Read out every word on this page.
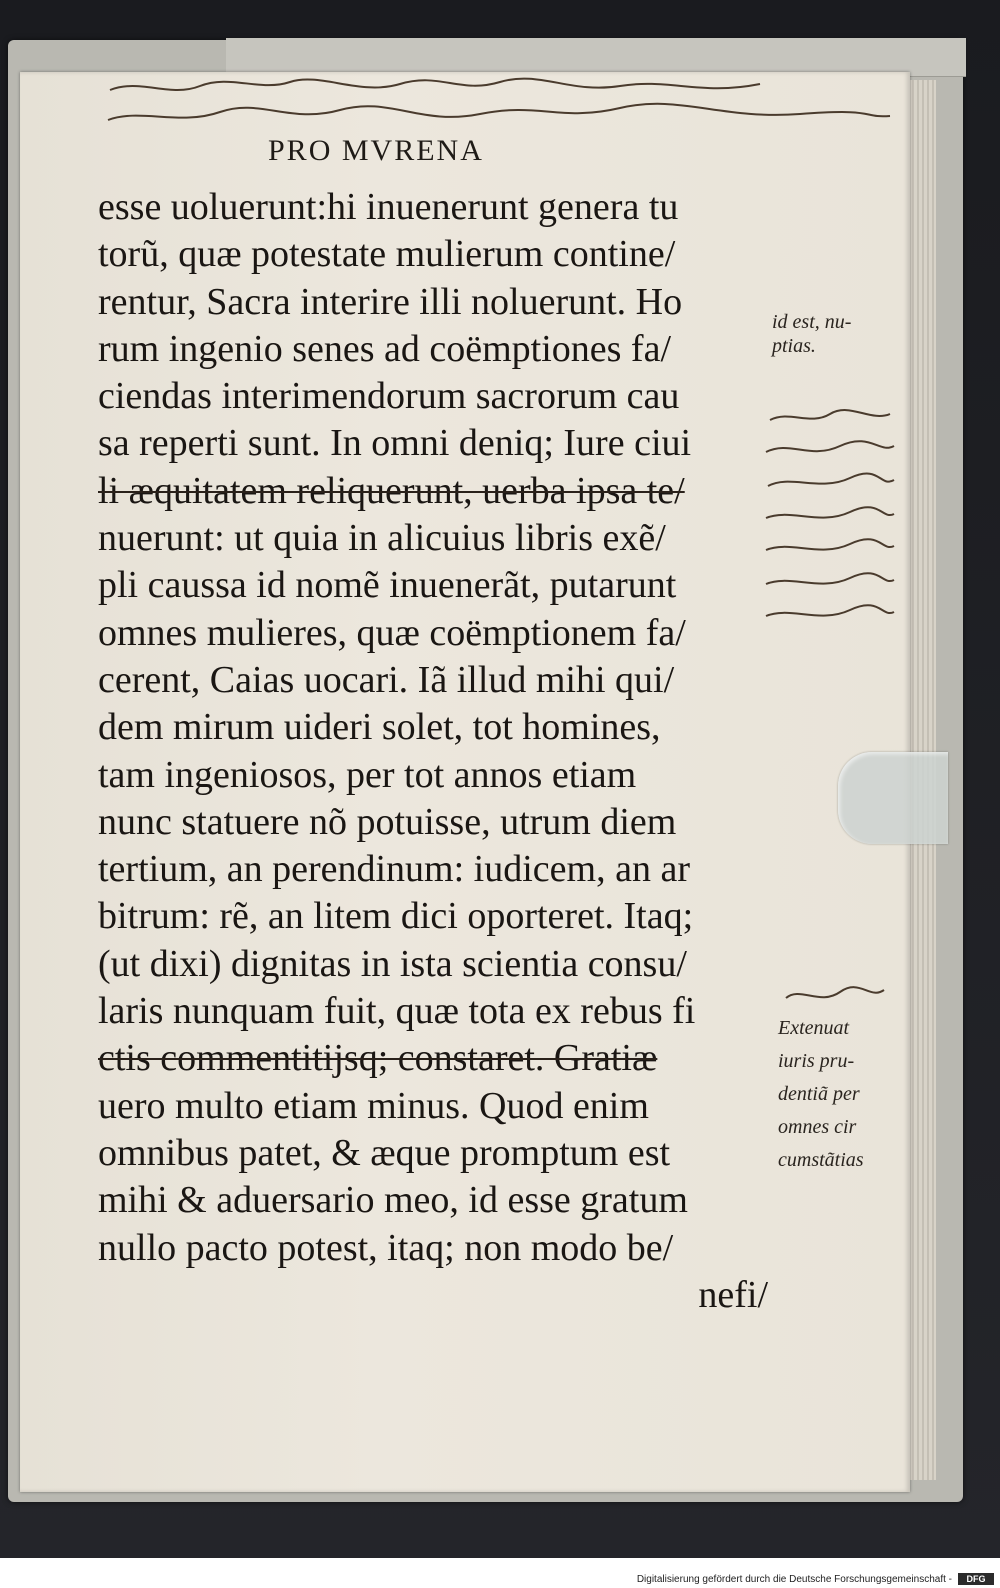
PRO MVRENA
esse uoluerunt:hi inuenerunt genera tu
torũ, quæ potestate mulierum contine/
rentur, Sacra interire illi noluerunt. Ho
rum ingenio senes ad coëmptiones fa/
ciendas interimendorum sacrorum cau
sa reperti sunt. In omni deniq; Iure ciui
li æquitatem reliquerunt, uerba ipsa te/
nuerunt: ut quia in alicuius libris exẽ/
pli caussa id nomẽ inuenerãt, putarunt
omnes mulieres, quæ coëmptionem fa/
cerent, Caias uocari. Iã illud mihi qui/
dem mirum uideri solet, tot homines,
tam ingeniosos, per tot annos etiam
nunc statuere nõ potuisse, utrum diem
tertium, an perendinum: iudicem, an ar
bitrum: rẽ, an litem dici oporteret. Itaq;
(ut dixi) dignitas in ista scientia consu/
laris nunquam fuit, quæ tota ex rebus fi
ctis commentitijsq; constaret. Gratiæ
uero multo etiam minus. Quod enim
omnibus patet, & æque promptum est
mihi & aduersario meo, id esse gratum
nullo pacto potest, itaq; non modo be/
nefi/
id est, nu-
ptias.
Extenuat
iuris pru-
dentiã per
omnes cir
cumstãtias
Digitalisierung gefördert durch die Deutsche Forschungsgemeinschaft -	DFG
